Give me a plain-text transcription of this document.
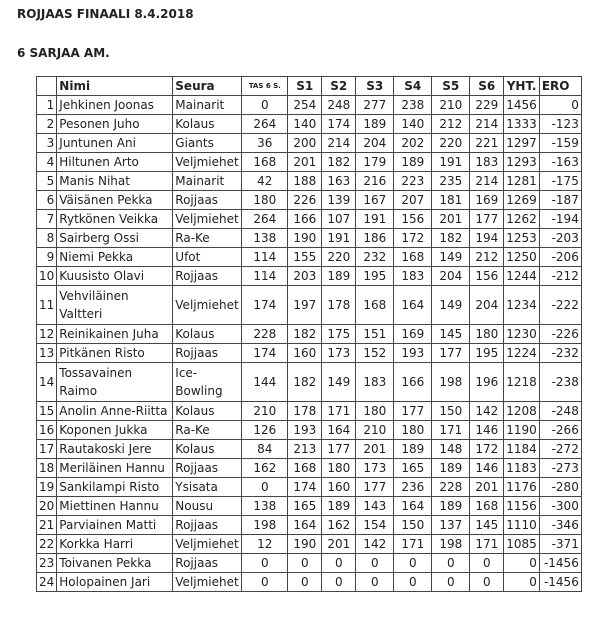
ROJJAAS FINAALI 8.4.2018
6 SARJAA AM.
	Nimi	Seura	TAS 6 S.	S1	S2	S3	S4	S5	S6	YHT.	ERO
1	Jehkinen Joonas	Mainarit	0	254	248	277	238	210	229	1456	0
2	Pesonen Juho	Kolaus	264	140	174	189	140	212	214	1333	-123
3	Juntunen Ani	Giants	36	200	214	204	202	220	221	1297	-159
4	Hiltunen Arto	Veljmiehet	168	201	182	179	189	191	183	1293	-163
5	Manis Nihat	Mainarit	42	188	163	216	223	235	214	1281	-175
6	Väisänen Pekka	Rojjaas	180	226	139	167	207	181	169	1269	-187
7	Rytkönen Veikka	Veljmiehet	264	166	107	191	156	201	177	1262	-194
8	Sairberg Ossi	Ra-Ke	138	190	191	186	172	182	194	1253	-203
9	Niemi Pekka	Ufot	114	155	220	232	168	149	212	1250	-206
10	Kuusisto Olavi	Rojjaas	114	203	189	195	183	204	156	1244	-212
11	Vehviläinen Valtteri	Veljmiehet	174	197	178	168	164	149	204	1234	-222
12	Reinikainen Juha	Kolaus	228	182	175	151	169	145	180	1230	-226
13	Pitkänen Risto	Rojjaas	174	160	173	152	193	177	195	1224	-232
14	Tossavainen Raimo	Ice-Bowling	144	182	149	183	166	198	196	1218	-238
15	Anolin Anne-Riitta	Kolaus	210	178	171	180	177	150	142	1208	-248
16	Koponen Jukka	Ra-Ke	126	193	164	210	180	171	146	1190	-266
17	Rautakoski Jere	Kolaus	84	213	177	201	189	148	172	1184	-272
18	Meriläinen Hannu	Rojjaas	162	168	180	173	165	189	146	1183	-273
19	Sankilampi Risto	Ysisata	0	174	160	177	236	228	201	1176	-280
20	Miettinen Hannu	Nousu	138	165	189	143	164	189	168	1156	-300
21	Parviainen Matti	Rojjaas	198	164	162	154	150	137	145	1110	-346
22	Korkka Harri	Veljmiehet	12	190	201	142	171	198	171	1085	-371
23	Toivanen Pekka	Rojjaas	0	0	0	0	0	0	0	0	-1456
24	Holopainen Jari	Veljmiehet	0	0	0	0	0	0	0	0	-1456
